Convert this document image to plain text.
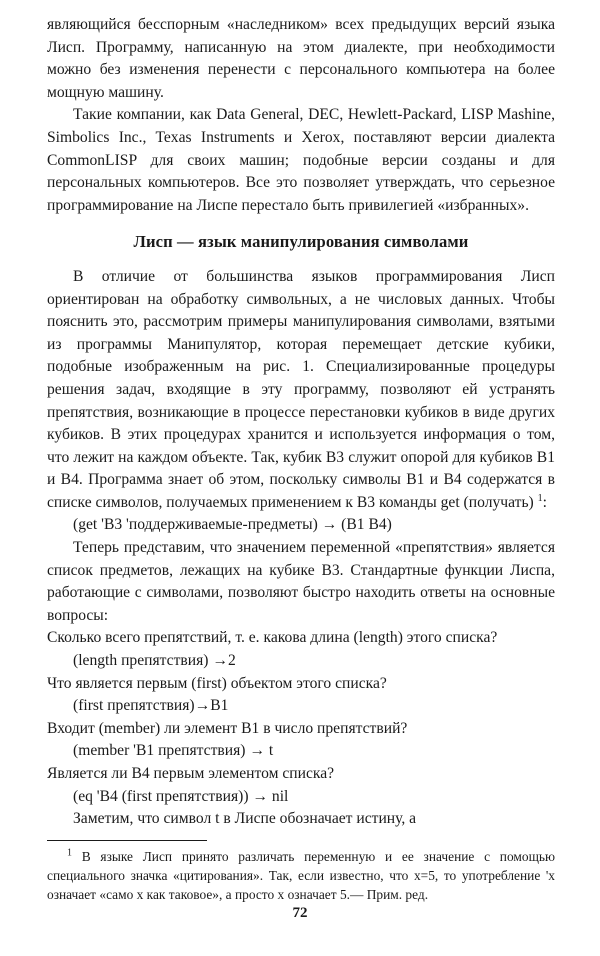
являющийся бесспорным «наследником» всех предыдущих версий языка Лисп. Программу, написанную на этом диалекте, при необходимости можно без изменения перенести с персонального компьютера на более мощную машину.

Такие компании, как Data General, DEC, Hewlett-Packard, LISP Mashine, Simbolics Inc., Texas Instruments и Xerox, поставляют версии диалекта CommonLISP для своих машин; подобные версии созданы и для персональных компьютеров. Все это позволяет утверждать, что серьезное программирование на Лиспе перестало быть привилегией «избранных».

Лисп — язык манипулирования символами

В отличие от большинства языков программирования Лисп ориентирован на обработку символьных, а не числовых данных. Чтобы пояснить это, рассмотрим примеры манипулирования символами, взятыми из программы Манипулятор, которая перемещает детские кубики, подобные изображенным на рис. 1. Специализированные процедуры решения задач, входящие в эту программу, позволяют ей устранять препятствия, возникающие в процессе перестановки кубиков в виде других кубиков. В этих процедурах хранится и используется информация о том, что лежит на каждом объекте. Так, кубик B3 служит опорой для кубиков B1 и B4. Программа знает об этом, поскольку символы B1 и B4 содержатся в списке символов, получаемых применением к B3 команды get (получать) $^1$:

(get 'B3 'поддерживаемые-предметы) → (B1 B4)

Теперь представим, что значением переменной «препятствия» является список предметов, лежащих на кубике B3. Стандартные функции Лиспа, работающие с символами, позволяют быстро находить ответы на основные вопросы:

Сколько всего препятствий, т. е. какова длина (length) этого списка?

(length препятствия) →2

Что является первым (first) объектом этого списка?

(first препятствия)→B1

Входит (member) ли элемент B1 в число препятствий?

(member 'B1 препятствия) → t

Является ли B4 первым элементом списка?

(eq 'B4 (first препятствия)) → nil

Заметим, что символ t в Лиспе обозначает истину, а

$^1$ В языке Лисп принято различать переменную и ее значение с помощью специального значка «цитирования». Так, если известно, что x=5, то употребление 'x означает «само x как таковое», а просто x означает 5.— Прим. ред.

72
